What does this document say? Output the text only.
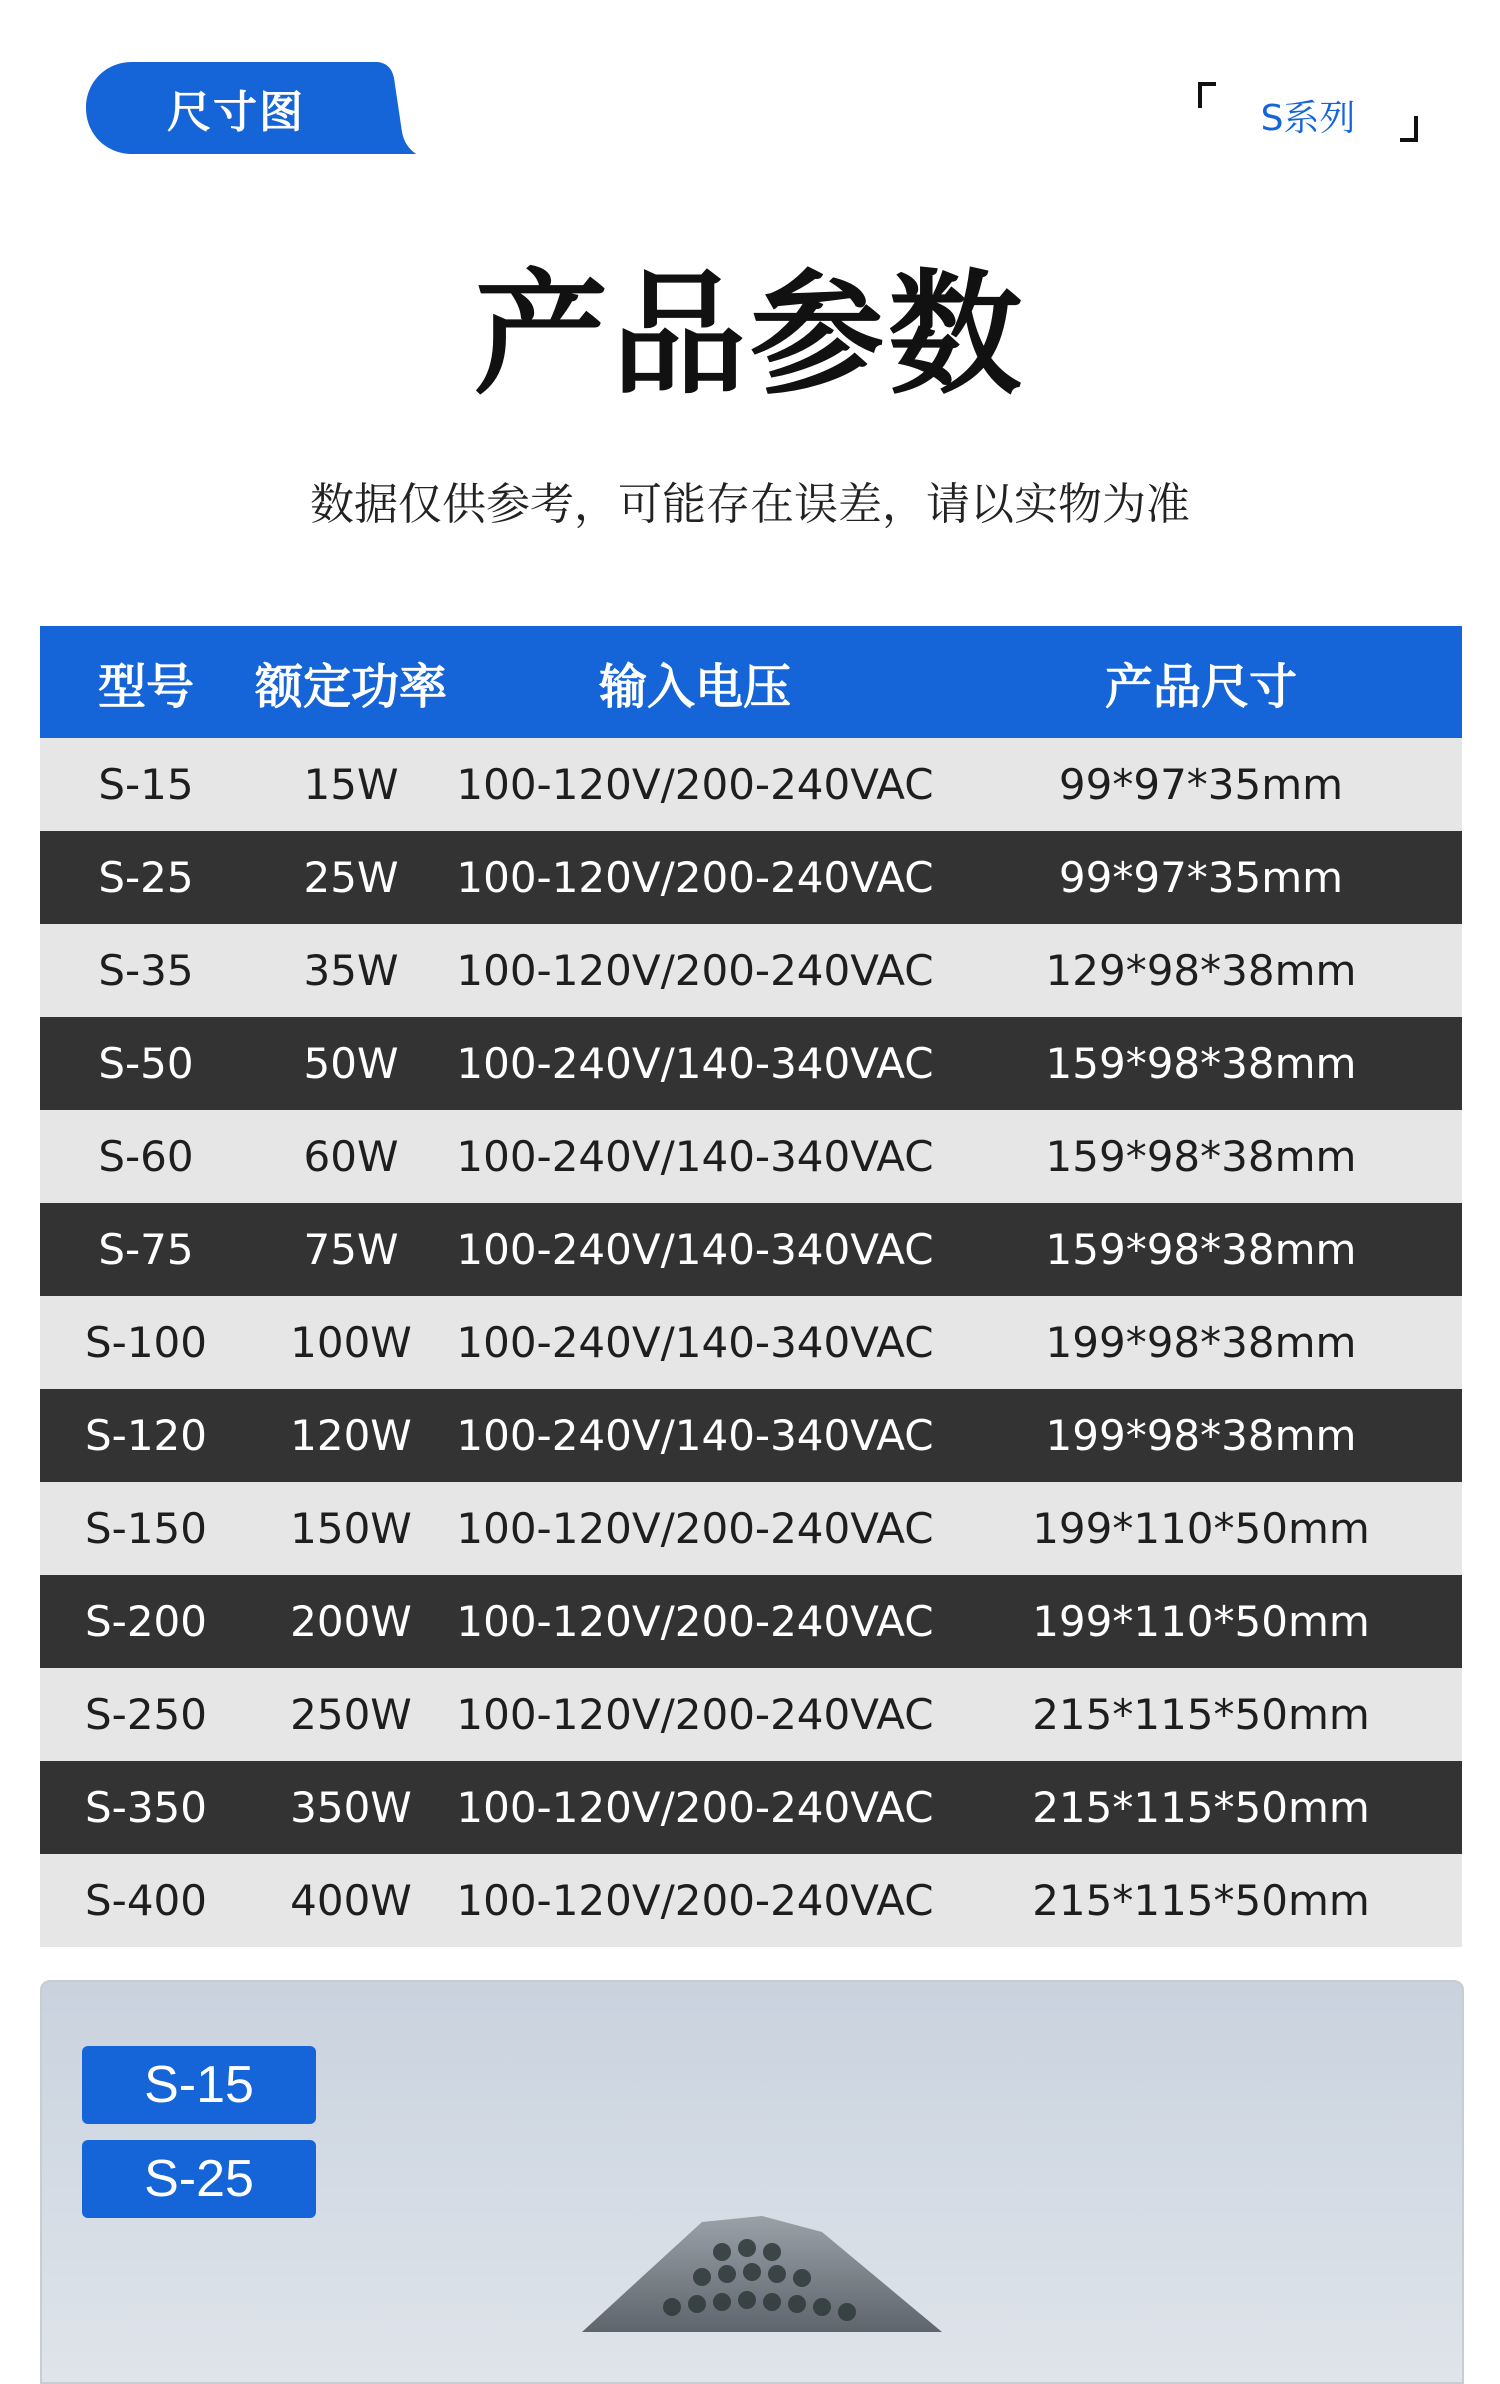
尺寸图	S系列
产品参数
数据仅供参考，可能存在误差，请以实物为准
型号	额定功率	输入电压	产品尺寸
S-15	15W	100-120V/200-240VAC	99*97*35mm
S-25	25W	100-120V/200-240VAC	99*97*35mm
S-35	35W	100-120V/200-240VAC	129*98*38mm
S-50	50W	100-240V/140-340VAC	159*98*38mm
S-60	60W	100-240V/140-340VAC	159*98*38mm
S-75	75W	100-240V/140-340VAC	159*98*38mm
S-100	100W	100-240V/140-340VAC	199*98*38mm
S-120	120W	100-240V/140-340VAC	199*98*38mm
S-150	150W	100-120V/200-240VAC	199*110*50mm
S-200	200W	100-120V/200-240VAC	199*110*50mm
S-250	250W	100-120V/200-240VAC	215*115*50mm
S-350	350W	100-120V/200-240VAC	215*115*50mm
S-400	400W	100-120V/200-240VAC	215*115*50mm
S-15
S-25
